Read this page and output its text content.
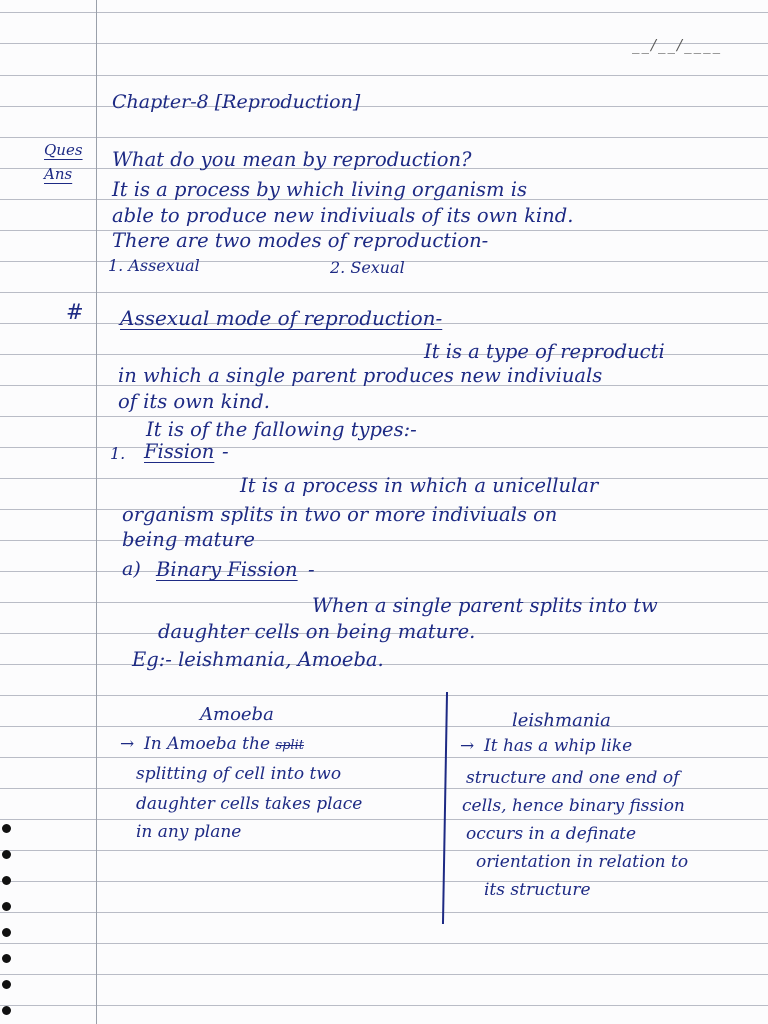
__/__/____
Chapter-8 [Reproduction]
Ques
Ans
What do you mean by reproduction?
It is a process by which living organism is
able to produce new indiviuals of its own kind.
There are two modes of reproduction-
1. Assexual	2. Sexual
# Assexual mode of reproduction-
It is a type of reproducti
in which a single parent produces new indiviuals
of its own kind.
It is of the fallowing types:-
1. Fission -
It is a process in which a unicellular
organism splits in two or more indiviuals on
being mature
a) Binary Fission -
When a single parent splits into tw
daughter cells on being mature.
Eg:- leishmania, Amoeba.
Amoeba
→ In Amoeba the split
splitting of cell into two
daughter cells takes place
in any plane
leishmania
→ It has a whip like
structure and one end of
cells, hence binary fission
occurs in a definate
orientation in relation to
its structure
